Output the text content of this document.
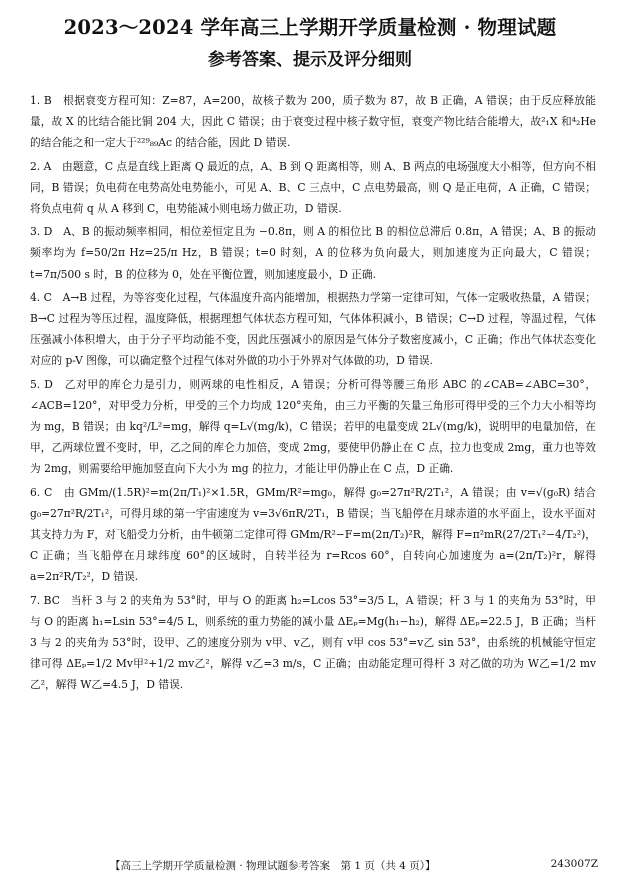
2023～2024 学年高三上学期开学质量检测 · 物理试题
参考答案、提示及评分细则

1. B　根据衰变方程可知：Z=87，A=200，故核子数为 200，质子数为 87，故 B 正确，A 错误；由于反应释放能量，故 X 的比结合能比铜 204 大，因此 C 错误；由于衰变过程中核子数守恒，衰变产物比结合能增大，故²₁X 和⁴₂He 的结合能之和一定大于²²⁹₈₉Ac 的结合能，因此 D 错误.

2. A　由题意，C 点是直线上距离 Q 最近的点，A、B 到 Q 距离相等，则 A、B 两点的电场强度大小相等，但方向不相同，B 错误；负电荷在电势高处电势能小，可见 A、B、C 三点中，C 点电势最高，则 Q 是正电荷，A 正确，C 错误；将负点电荷 q 从 A 移到 C，电势能减小则电场力做正功，D 错误.

3. D　A、B 的振动频率相同，相位差恒定且为 −0.8π，则 A 的相位比 B 的相位总滞后 0.8π，A 错误；A、B 的振动频率均为 f=50/2π Hz=25/π Hz，B 错误；t=0 时刻，A 的位移为负向最大，则加速度为正向最大，C 错误；t=7π/500 s 时，B 的位移为 0，处在平衡位置，则加速度最小，D 正确.

4. C　A→B 过程，为等容变化过程，气体温度升高内能增加，根据热力学第一定律可知，气体一定吸收热量，A 错误；B→C 过程为等压过程，温度降低，根据理想气体状态方程可知，气体体积减小，B 错误；C→D 过程，等温过程，气体压强减小体积增大，由于分子平均动能不变，因此压强减小的原因是气体分子数密度减小，C 正确；作出气体状态变化对应的 p-V 图像，可以确定整个过程气体对外做的功小于外界对气体做的功，D 错误.

5. D　乙对甲的库仑力是引力，则两球的电性相反，A 错误；分析可得等腰三角形 ABC 的∠CAB=∠ABC=30°，∠ACB=120°，对甲受力分析，甲受的三个力均成 120°夹角，由三力平衡的矢量三角形可得甲受的三个力大小相等均为 mg，B 错误；由 kq²/L²=mg，解得 q=L√(mg/k)，C 错误；若甲的电量变成 2L√(mg/k)，说明甲的电量加倍，在甲，乙两球位置不变时，甲，乙之间的库仑力加倍，变成 2mg，要使甲仍静止在 C 点，拉力也变成 2mg，重力也等效为 2mg，则需要给甲施加竖直向下大小为 mg 的拉力，才能让甲仍静止在 C 点，D 正确.

6. C　由 GMm/(1.5R)²=m(2π/T₁)²×1.5R，GMm/R²=mg₀，解得 g₀=27π²R/2T₁²，A 错误；由 v=√(g₀R) 结合 g₀=27π²R/2T₁²，可得月球的第一宇宙速度为 v=3√6πR/2T₁，B 错误；当飞船停在月球赤道的水平面上，设水平面对其支持力为 F，对飞船受力分析，由牛顿第二定律可得 GMm/R²−F=m(2π/T₂)²R，解得 F=π²mR(27/2T₁²−4/T₂²)，C 正确；当飞船停在月球纬度 60°的区域时，自转半径为 r=Rcos 60°，自转向心加速度为 a=(2π/T₂)²r，解得 a=2π²R/T₂²，D 错误.

7. BC　当杆 3 与 2 的夹角为 53°时，甲与 O 的距离 h₂=Lcos 53°=3/5 L，A 错误；杆 3 与 1 的夹角为 53°时，甲与 O 的距离 h₁=Lsin 53°=4/5 L，则系统的重力势能的减小量 ΔEₚ=Mg(h₁−h₂)，解得 ΔEₚ=22.5 J，B 正确；当杆 3 与 2 的夹角为 53°时，设甲、乙的速度分别为 v甲、v乙，则有 v甲 cos 53°=v乙 sin 53°，由系统的机械能守恒定律可得 ΔEₚ=1/2 Mv甲²+1/2 mv乙²，解得 v乙=3 m/s，C 正确；由动能定理可得杆 3 对乙做的功为 W乙=1/2 mv乙²，解得 W乙=4.5 J，D 错误.

【高三上学期开学质量检测 · 物理试题参考答案　第 1 页（共 4 页）】	243007Z
